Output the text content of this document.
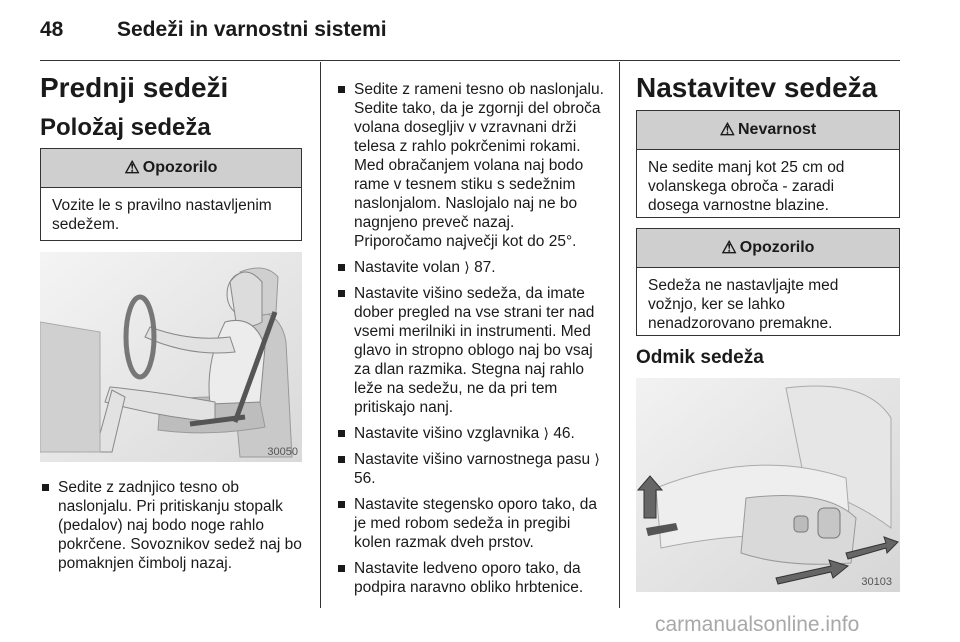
48	Sedeži in varnostni sistemi
Prednji sedeži
Položaj sedeža
⚠ Opozorilo
Vozite le s pravilno nastavljenim sedežem.
30050
Sedite z zadnjico tesno ob naslonjalu. Pri pritiskanju stopalk (pedalov) naj bodo noge rahlo pokrčene. Sovoznikov sedež naj bo pomaknjen čimbolj nazaj.
Sedite z rameni tesno ob naslonjalu. Sedite tako, da je zgornji del obroča volana dosegljiv v vzravnani drži telesa z rahlo pokrčenimi rokami. Med obračanjem volana naj bodo rame v tesnem stiku s sedežnim naslonjalom. Naslojalo naj ne bo nagnjeno preveč nazaj. Priporočamo največji kot do 25°.
Nastavite volan ⟩ 87.
Nastavite višino sedeža, da imate dober pregled na vse strani ter nad vsemi merilniki in instrumenti. Med glavo in stropno oblogo naj bo vsaj za dlan razmika. Stegna naj rahlo leže na sedežu, ne da pri tem pritiskajo nanj.
Nastavite višino vzglavnika ⟩ 46.
Nastavite višino varnostnega pasu ⟩ 56.
Nastavite stegensko oporo tako, da je med robom sedeža in pregibi kolen razmak dveh prstov.
Nastavite ledveno oporo tako, da podpira naravno obliko hrbtenice.
Nastavitev sedeža
⚠ Nevarnost
Ne sedite manj kot 25 cm od volanskega obroča - zaradi dosega varnostne blazine.
⚠ Opozorilo
Sedeža ne nastavljajte med vožnjo, ker se lahko nenadzorovano premakne.
Odmik sedeža
30103
carmanualsonline.info
